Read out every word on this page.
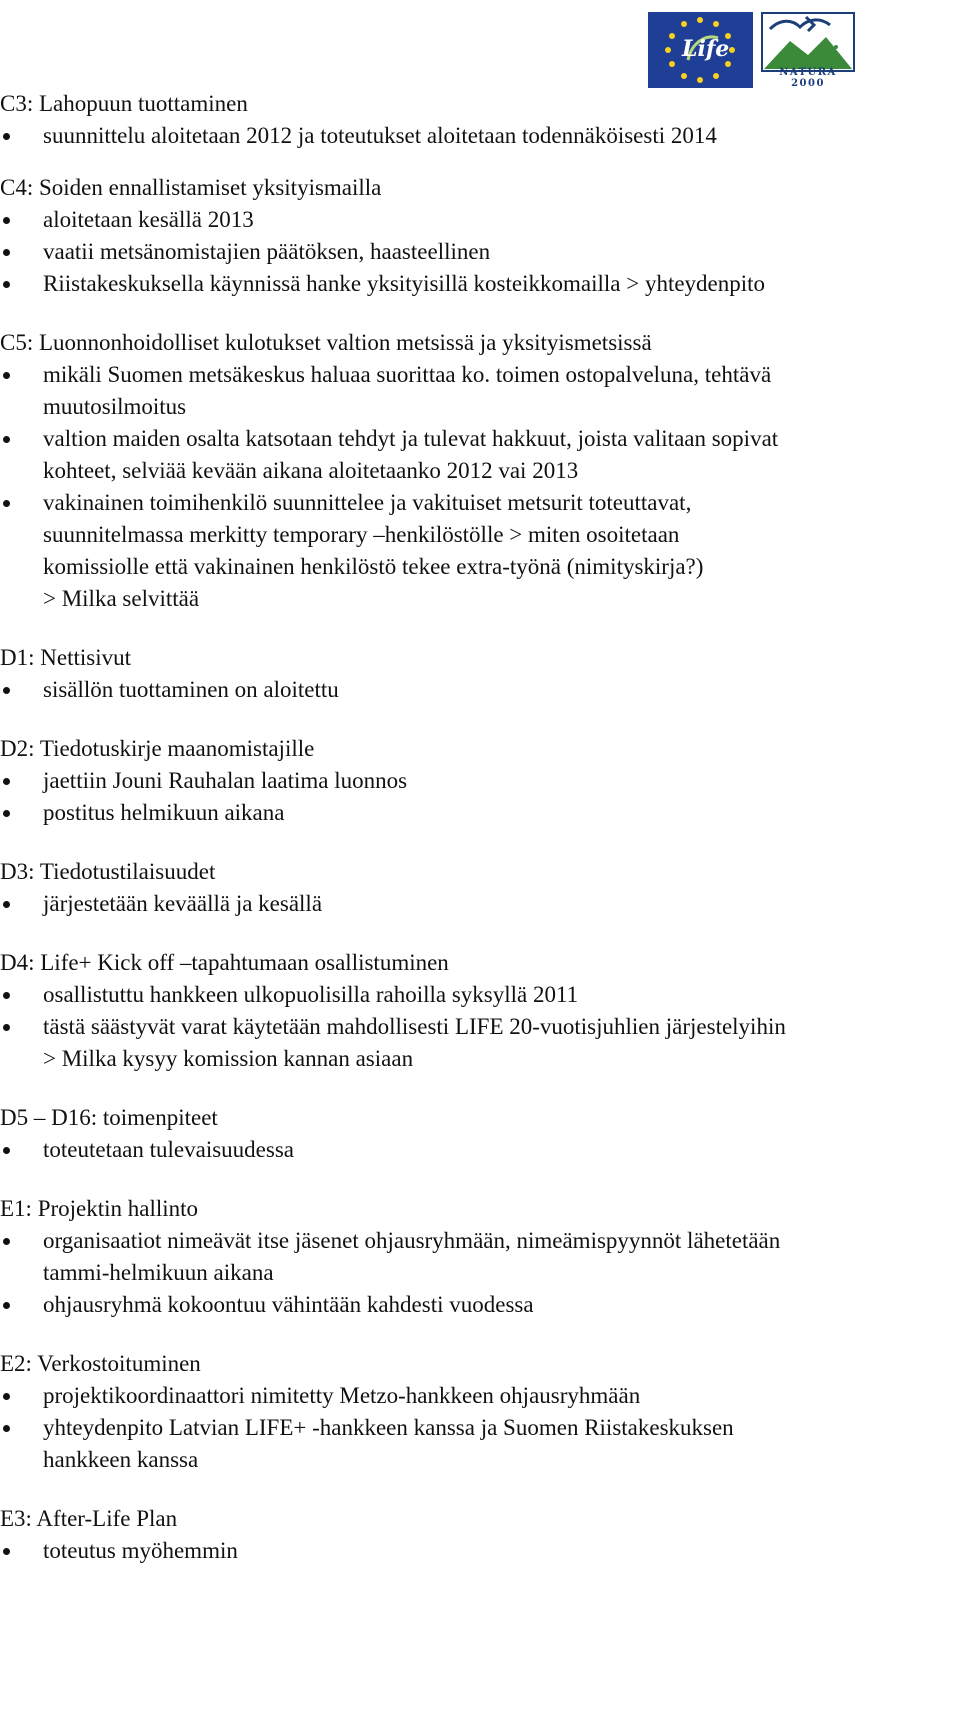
Life
NATURA 2000
C3: Lahopuun tuottaminen
suunnittelu aloitetaan 2012 ja toteutukset aloitetaan todennäköisesti 2014
C4: Soiden ennallistamiset yksityismailla
aloitetaan kesällä 2013
vaatii metsänomistajien päätöksen, haasteellinen
Riistakeskuksella käynnissä hanke yksityisillä kosteikkomailla > yhteydenpito
C5: Luonnonhoidolliset kulotukset valtion metsissä ja yksityismetsissä
mikäli Suomen metsäkeskus haluaa suorittaa ko. toimen ostopalveluna, tehtävä
muutosilmoitus
valtion maiden osalta katsotaan tehdyt ja tulevat hakkuut, joista valitaan sopivat
kohteet, selviää kevään aikana aloitetaanko 2012 vai 2013
vakinainen toimihenkilö suunnittelee ja vakituiset metsurit toteuttavat,
suunnitelmassa merkitty temporary –henkilöstölle > miten osoitetaan
komissiolle että vakinainen henkilöstö tekee extra-työnä (nimityskirja?)
> Milka selvittää
D1: Nettisivut
sisällön tuottaminen on aloitettu
D2: Tiedotuskirje maanomistajille
jaettiin Jouni Rauhalan laatima luonnos
postitus helmikuun aikana
D3: Tiedotustilaisuudet
järjestetään keväällä ja kesällä
D4: Life+ Kick off –tapahtumaan osallistuminen
osallistuttu hankkeen ulkopuolisilla rahoilla syksyllä 2011
tästä säästyvät varat käytetään mahdollisesti LIFE 20-vuotisjuhlien järjestelyihin
> Milka kysyy komission kannan asiaan
D5 – D16: toimenpiteet
toteutetaan tulevaisuudessa
E1: Projektin hallinto
organisaatiot nimeävät itse jäsenet ohjausryhmään, nimeämispyynnöt lähetetään
tammi-helmikuun aikana
ohjausryhmä kokoontuu vähintään kahdesti vuodessa
E2: Verkostoituminen
projektikoordinaattori nimitetty Metzo-hankkeen ohjausryhmään
yhteydenpito Latvian LIFE+ -hankkeen kanssa ja Suomen Riistakeskuksen
hankkeen kanssa
E3: After-Life Plan
toteutus myöhemmin
